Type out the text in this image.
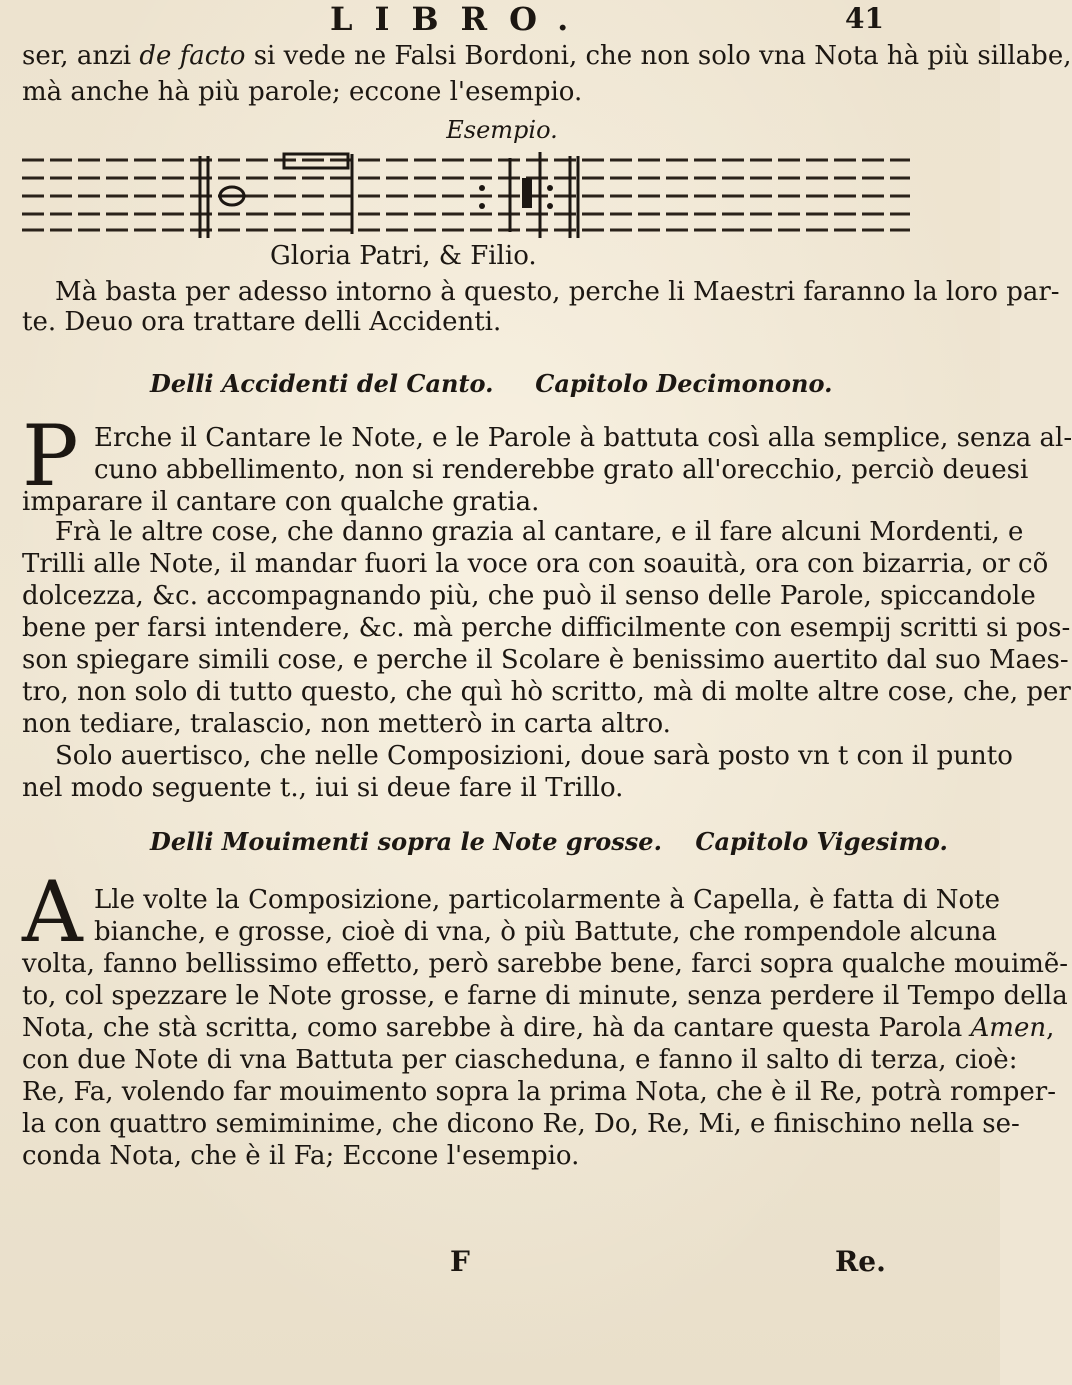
LIBRO.	41
ser, anzi de facto si vede ne Falsi Bordoni, che non solo vna Nota hà più sillabe,
mà anche hà più parole; eccone l'esempio.
Esempio.
Gloria Patri, & Filio.
Mà basta per adesso intorno à questo, perche li Maestri faranno la loro par-
te. Deuo ora trattare delli Accidenti.
Delli Accidenti del Canto. Capitolo Decimonono.
P Erche il Cantare le Note, e le Parole à battuta così alla semplice, senza al-
cuno abbellimento, non si renderebbe grato all'orecchio, perciò deuesi
imparare il cantare con qualche gratia.
Frà le altre cose, che danno grazia al cantare, e il fare alcuni Mordenti, e
Trilli alle Note, il mandar fuori la voce ora con soauità, ora con bizarria, or cõ
dolcezza, &c. accompagnando più, che può il senso delle Parole, spiccandole
bene per farsi intendere, &c. mà perche difficilmente con esempij scritti si pos-
son spiegare simili cose, e perche il Scolare è benissimo auertito dal suo Maes-
tro, non solo di tutto questo, che quì hò scritto, mà di molte altre cose, che, per
non tediare, tralascio, non metterò in carta altro.
Solo auertisco, che nelle Composizioni, doue sarà posto vn t con il punto
nel modo seguente t., iui si deue fare il Trillo.
Delli Mouimenti sopra le Note grosse. Capitolo Vigesimo.
A Lle volte la Composizione, particolarmente à Capella, è fatta di Note
bianche, e grosse, cioè di vna, ò più Battute, che rompendole alcuna
volta, fanno bellissimo effetto, però sarebbe bene, farci sopra qualche mouimẽ-
to, col spezzare le Note grosse, e farne di minute, senza perdere il Tempo della
Nota, che stà scritta, como sarebbe à dire, hà da cantare questa Parola Amen,
con due Note di vna Battuta per ciascheduna, e fanno il salto di terza, cioè:
Re, Fa, volendo far mouimento sopra la prima Nota, che è il Re, potrà romper-
la con quattro semiminime, che dicono Re, Do, Re, Mi, e finischino nella se-
conda Nota, che è il Fa; Eccone l'esempio.
F	Re.
